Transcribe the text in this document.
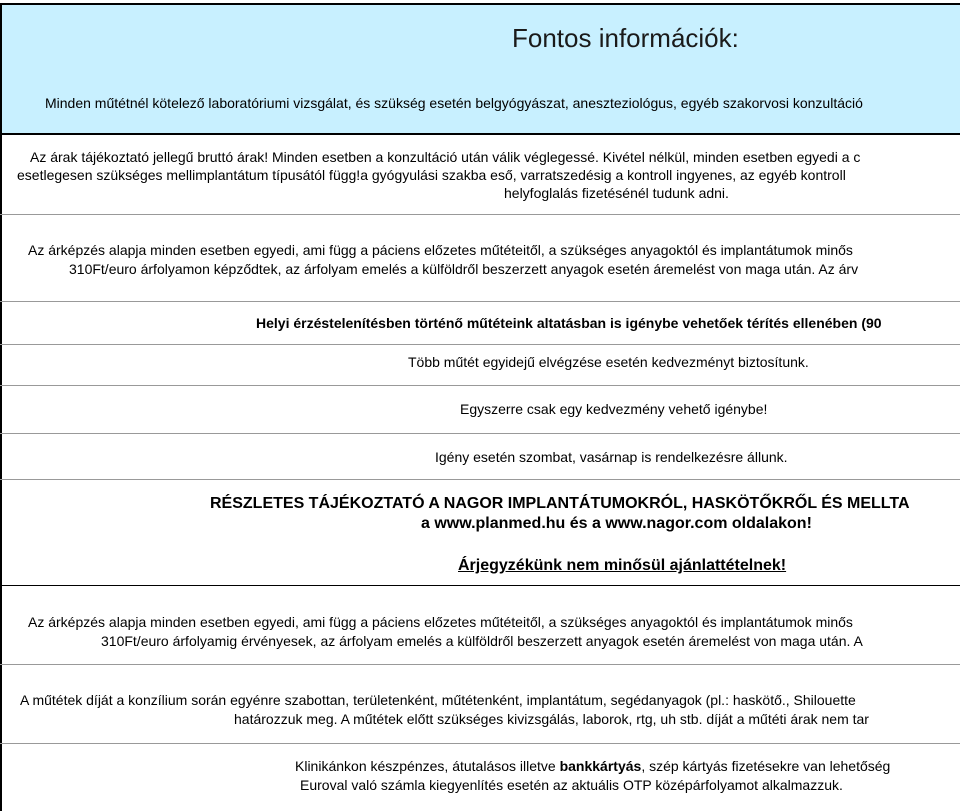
Fontos információk:
Minden műtétnél kötelező laboratóriumi vizsgálat, és szükség esetén belgyógyászat, aneszteziológus, egyéb szakorvosi konzultáció
Az árak tájékoztató jellegű bruttó árak! Minden esetben a konzultáció után válik véglegessé. Kivétel nélkül, minden esetben egyedi a c
esetlegesen szükséges mellimplantátum típusától függ!a gyógyulási szakba eső, varratszedésig a kontroll ingyenes, az egyéb kontroll
helyfoglalás fizetésénél tudunk adni.
Az árképzés alapja minden esetben egyedi, ami függ a páciens előzetes műtéteitől, a szükséges anyagoktól és implantátumok minős
310Ft/euro árfolyamon képződtek, az árfolyam emelés a külföldről beszerzett anyagok esetén áremelést von maga után. Az árv
Helyi érzéstelenítésben történő műtéteink altatásban is igénybe vehetőek térítés ellenében (90
Több műtét egyidejű elvégzése esetén kedvezményt biztosítunk.
Egyszerre csak egy kedvezmény vehető igénybe!
Igény esetén szombat, vasárnap is rendelkezésre állunk.
RÉSZLETES TÁJÉKOZTATÓ A NAGOR IMPLANTÁTUMOKRÓL, HASKÖTŐKRŐL ÉS MELLTA
a www.planmed.hu és a www.nagor.com oldalakon!
Árjegyzékünk nem minősül ajánlattételnek!
Az árképzés alapja minden esetben egyedi, ami függ a páciens előzetes műtéteitől, a szükséges anyagoktól és implantátumok minős
310Ft/euro árfolyamig érvényesek, az árfolyam emelés a külföldről beszerzett anyagok esetén áremelést von maga után. A
A műtétek díját a konzílium során egyénre szabottan, területenként, műtétenként, implantátum, segédanyagok (pl.: haskötő., Shilouette
határozzuk meg. A műtétek előtt szükséges kivizsgálás, laborok, rtg, uh stb. díját a műtéti árak nem tar
Klinikánkon készpénzes, átutalásos illetve bankkártyás, szép kártyás fizetésekre van lehetőség
Euroval való számla kiegyenlítés esetén az aktuális OTP középárfolyamot alkalmazzuk.
